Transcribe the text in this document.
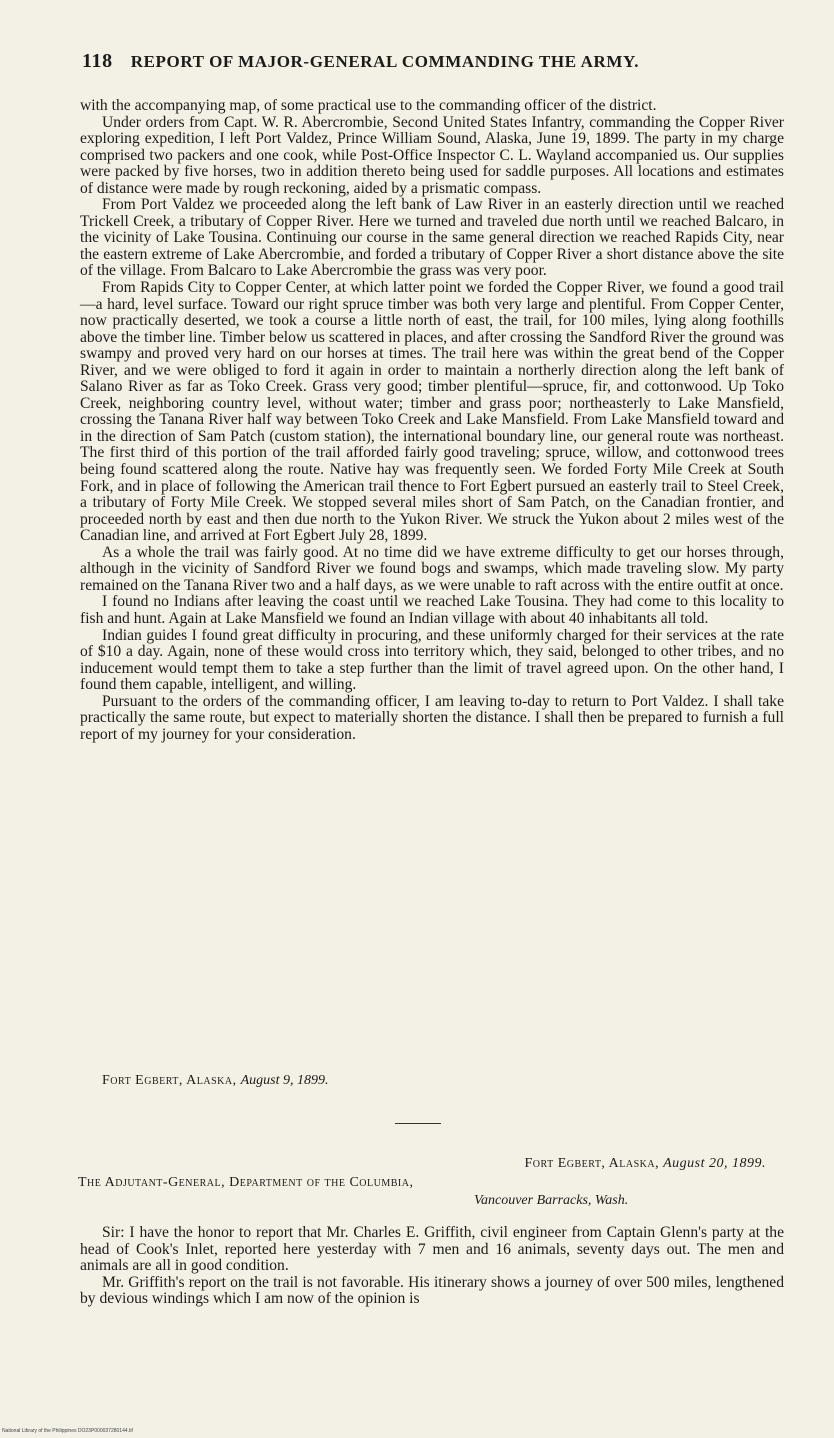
118 REPORT OF MAJOR-GENERAL COMMANDING THE ARMY.

with the accompanying map, of some practical use to the commanding officer of the district.

Under orders from Capt. W. R. Abercrombie, Second United States Infantry, commanding the Copper River exploring expedition, I left Port Valdez, Prince William Sound, Alaska, June 19, 1899. The party in my charge comprised two packers and one cook, while Post-Office Inspector C. L. Wayland accompanied us. Our supplies were packed by five horses, two in addition thereto being used for saddle purposes. All locations and estimates of distance were made by rough reckoning, aided by a prismatic compass.

From Port Valdez we proceeded along the left bank of Law River in an easterly direction until we reached Trickell Creek, a tributary of Copper River. Here we turned and traveled due north until we reached Balcaro, in the vicinity of Lake Tousina. Continuing our course in the same general direction we reached Rapids City, near the eastern extreme of Lake Abercrombie, and forded a tributary of Copper River a short distance above the site of the village. From Balcaro to Lake Abercrombie the grass was very poor.

From Rapids City to Copper Center, at which latter point we forded the Copper River, we found a good trail—a hard, level surface. Toward our right spruce timber was both very large and plentiful. From Copper Center, now practically deserted, we took a course a little north of east, the trail, for 100 miles, lying along foothills above the timber line. Timber below us scattered in places, and after crossing the Sandford River the ground was swampy and proved very hard on our horses at times. The trail here was within the great bend of the Copper River, and we were obliged to ford it again in order to maintain a northerly direction along the left bank of Salano River as far as Toko Creek. Grass very good; timber plentiful—spruce, fir, and cottonwood. Up Toko Creek, neighboring country level, without water; timber and grass poor; northeasterly to Lake Mansfield, crossing the Tanana River half way between Toko Creek and Lake Mansfield. From Lake Mansfield toward and in the direction of Sam Patch (custom station), the international boundary line, our general route was northeast. The first third of this portion of the trail afforded fairly good traveling; spruce, willow, and cottonwood trees being found scattered along the route. Native hay was frequently seen. We forded Forty Mile Creek at South Fork, and in place of following the American trail thence to Fort Egbert pursued an easterly trail to Steel Creek, a tributary of Forty Mile Creek. We stopped several miles short of Sam Patch, on the Canadian frontier, and proceeded north by east and then due north to the Yukon River. We struck the Yukon about 2 miles west of the Canadian line, and arrived at Fort Egbert July 28, 1899.

As a whole the trail was fairly good. At no time did we have extreme difficulty to get our horses through, although in the vicinity of Sandford River we found bogs and swamps, which made traveling slow. My party remained on the Tanana River two and a half days, as we were unable to raft across with the entire outfit at once.

I found no Indians after leaving the coast until we reached Lake Tousina. They had come to this locality to fish and hunt. Again at Lake Mansfield we found an Indian village with about 40 inhabitants all told.

Indian guides I found great difficulty in procuring, and these uniformly charged for their services at the rate of $10 a day. Again, none of these would cross into territory which, they said, belonged to other tribes, and no inducement would tempt them to take a step further than the limit of travel agreed upon. On the other hand, I found them capable, intelligent, and willing.

Pursuant to the orders of the commanding officer, I am leaving to-day to return to Port Valdez. I shall take practically the same route, but expect to materially shorten the distance. I shall then be prepared to furnish a full report of my journey for your consideration.

Fort Egbert, Alaska, August 9, 1899.
Fort Egbert, Alaska, August 20, 1899.
The Adjutant-General, Department of the Columbia,
Vancouver Barracks, Wash.

Sir: I have the honor to report that Mr. Charles E. Griffith, civil engineer from Captain Glenn's party at the head of Cook's Inlet, reported here yesterday with 7 men and 16 animals, seventy days out. The men and animals are all in good condition.

Mr. Griffith's report on the trail is not favorable. His itinerary shows a journey of over 500 miles, lengthened by devious windings which I am now of the opinion is

National Library of the Philippines DO23P000037280144.tif
